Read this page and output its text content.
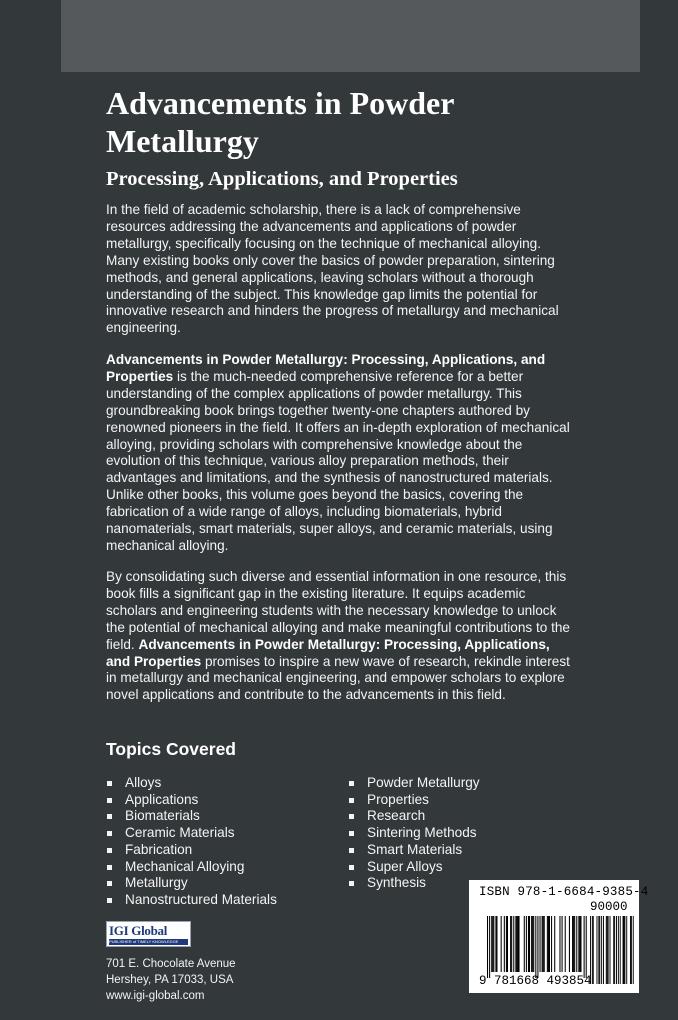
Advancements in Powder Metallurgy
Processing, Applications, and Properties

In the field of academic scholarship, there is a lack of comprehensive resources addressing the advancements and applications of powder metallurgy, specifically focusing on the technique of mechanical alloying. Many existing books only cover the basics of powder preparation, sintering methods, and general applications, leaving scholars without a thorough understanding of the subject. This knowledge gap limits the potential for innovative research and hinders the progress of metallurgy and mechanical engineering.

Advancements in Powder Metallurgy: Processing, Applications, and Properties is the much-needed comprehensive reference for a better understanding of the complex applications of powder metallurgy. This groundbreaking book brings together twenty-one chapters authored by renowned pioneers in the field. It offers an in-depth exploration of mechanical alloying, providing scholars with comprehensive knowledge about the evolution of this technique, various alloy preparation methods, their advantages and limitations, and the synthesis of nanostructured materials. Unlike other books, this volume goes beyond the basics, covering the fabrication of a wide range of alloys, including biomaterials, hybrid nanomaterials, smart materials, super alloys, and ceramic materials, using mechanical alloying.

By consolidating such diverse and essential information in one resource, this book fills a significant gap in the existing literature. It equips academic scholars and engineering students with the necessary knowledge to unlock the potential of mechanical alloying and make meaningful contributions to the field. Advancements in Powder Metallurgy: Processing, Applications, and Properties promises to inspire a new wave of research, rekindle interest in metallurgy and mechanical engineering, and empower scholars to explore novel applications and contribute to the advancements in this field.

Topics Covered
Alloys
Applications
Biomaterials
Ceramic Materials
Fabrication
Mechanical Alloying
Metallurgy
Nanostructured Materials
Powder Metallurgy
Properties
Research
Sintering Methods
Smart Materials
Super Alloys
Synthesis
IGI Global
PUBLISHER of TIMELY KNOWLEDGE
701 E. Chocolate Avenue
Hershey, PA 17033, USA
www.igi-global.com
ISBN 978-1-6684-9385-4
90000
9 781668 493854
